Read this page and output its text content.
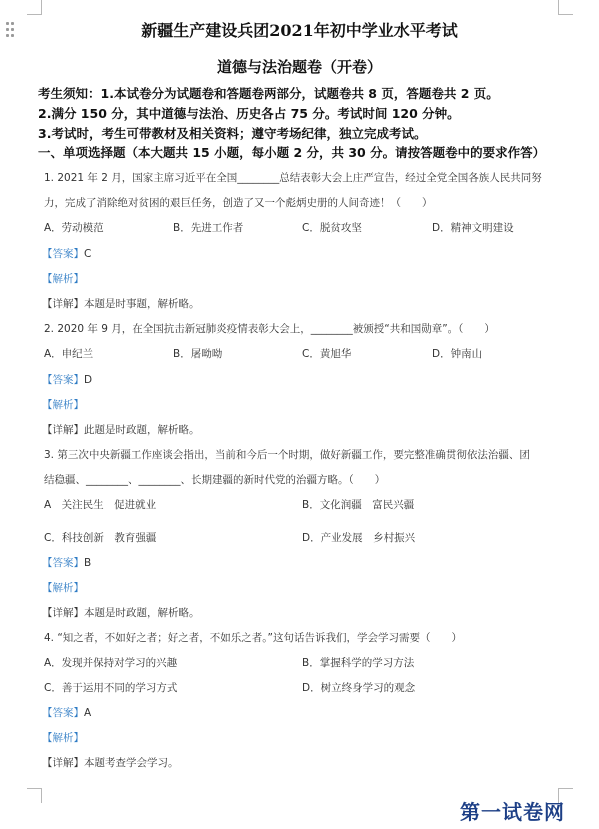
新疆生产建设兵团2021年初中学业水平考试
道德与法治题卷（开卷）
考生须知：1.本试卷分为试题卷和答题卷两部分，试题卷共 8 页，答题卷共 2 页。
2.满分 150 分，其中道德与法治、历史各占 75 分。考试时间 120 分钟。
3.考试时，考生可带教材及相关资料；遵守考场纪律，独立完成考试。
一、单项选择题（本大题共 15 小题，每小题 2 分，共 30 分。请按答题卷中的要求作答）
1. 2021 年 2 月，国家主席习近平在全国________总结表彰大会上庄严宣告，经过全党全国各族人民共同努
力，完成了消除绝对贫困的艰巨任务，创造了又一个彪炳史册的人间奇迹！（　　）
A．劳动模范	B．先进工作者	C．脱贫攻坚	D．精神文明建设
【答案】C
【解析】
【详解】本题是时事题，解析略。
2. 2020 年 9 月，在全国抗击新冠肺炎疫情表彰大会上，________被颁授“共和国勋章”。（　　）
A．申纪兰	B．屠呦呦	C．黄旭华	D．钟南山
【答案】D
【解析】
【详解】此题是时政题，解析略。
3. 第三次中央新疆工作座谈会指出，当前和今后一个时期，做好新疆工作，要完整准确贯彻依法治疆、团
结稳疆、________、________、长期建疆的新时代党的治疆方略。（　　）
A　关注民生　促进就业	B．文化润疆　富民兴疆
C．科技创新　教育强疆	D．产业发展　乡村振兴
【答案】B
【解析】
【详解】本题是时政题，解析略。
4. “知之者，不如好之者；好之者，不如乐之者。”这句话告诉我们，学会学习需要（　　）
A．发现并保持对学习的兴趣	B．掌握科学的学习方法
C．善于运用不同的学习方式	D．树立终身学习的观念
【答案】A
【解析】
【详解】本题考查学会学习。
第一试卷网
